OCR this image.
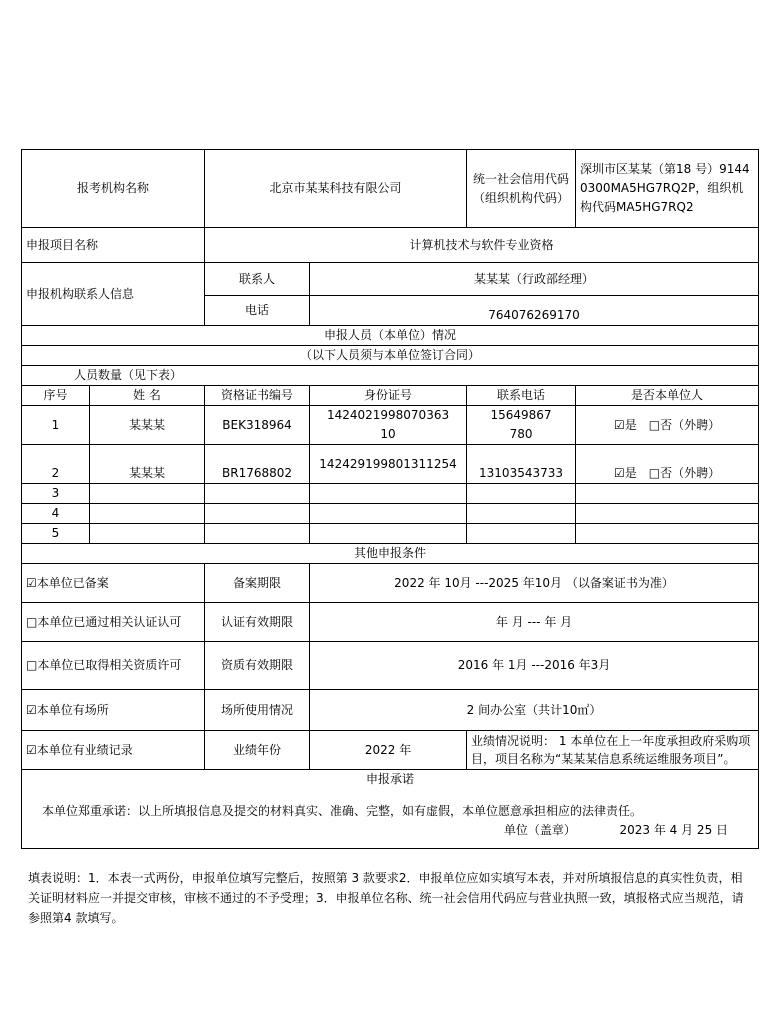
报考机构名称		北京市某某科技有限公司		统一社会信用代码（组织机构代码）	深圳市区某某（第18 号）91440300MA5HG7RQ2P，组织机构代码MA5HG7RQ2
申报项目名称		计算机技术与软件专业资格			
申报机构联系人信息		联系人	某某某（行政部经理）		
		电话	764076269170		
申报人员（本单位）情况					
（以下人员须与本单位签订合同）					
人员数量（见下表）					
序号	姓 名	资格证书编号	身份证号	联系电话	是否本单位人
1	某某某	BEK318964	142402199807036310	15649867780	☑是　□否（外聘）
2	某某某	BR1768802	142429199801311254	13103543733	☑是　□否（外聘）
3					
4					
5					
其他申报条件					
☑本单位已备案		备案期限	2022 年 10月 ---2025 年10月 （以备案证书为准）		
□本单位已通过相关认证认可		认证有效期限	年 月 --- 年 月		
□本单位已取得相关资质许可		资质有效期限	2016 年 1月 ---2016 年3月		
☑本单位有场所		场所使用情况	2 间办公室（共计10㎡）		
☑本单位有业绩记录		业绩年份	2022 年	业绩情况说明： 1 本单位在上一年度承担政府采购项目，项目名称为“某某某信息系统运维服务项目”。	

申报承诺
本单位郑重承诺：以上所填报信息及提交的材料真实、准确、完整，如有虚假，本单位愿意承担相应的法律责任。
单位（盖章） 2023 年 4 月 25 日					
填表说明：1．本表一式两份，申报单位填写完整后，按照第 3 款要求2．申报单位应如实填写本表，并对所填报信息的真实性负责，相关证明材料应一并提交审核，审核不通过的不予受理；3．申报单位名称、统一社会信用代码应与营业执照一致，填报格式应当规范，请参照第4 款填写。
